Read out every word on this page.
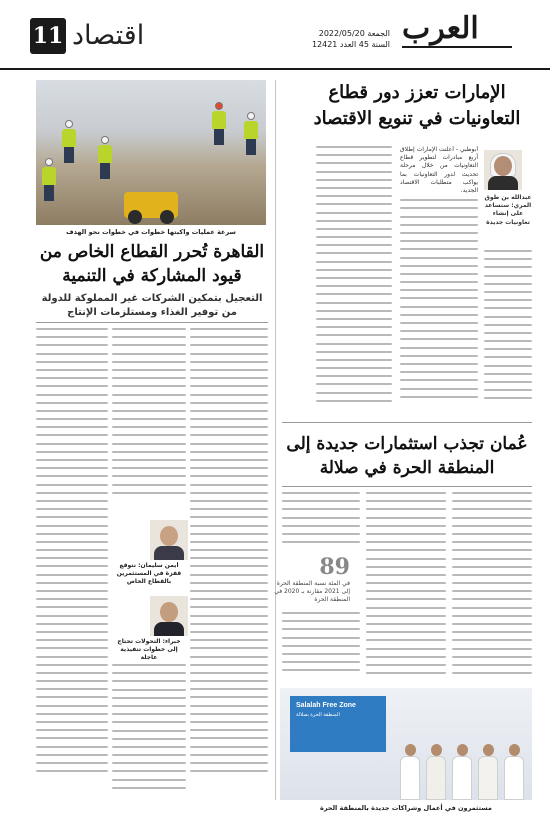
العرب
الجمعة 2022/05/20
السنة 45 العدد 12421
اقتصاد
11
الإمارات تعزز دور قطاع التعاونيات في تنويع الاقتصاد
عبدالله بن طوق المري: سنساعد على إنشاء تعاونيات جديدة
أبوظبي - أعلنت الإمارات إطلاق أربع مبادرات لتطوير قطاع التعاونيات من خلال مرحلة تحديث لدور التعاونيات بما يواكب متطلبات الاقتصاد الجديد.
سرعة عمليات واكبتها خطوات في خطوات نحو الهدف
القاهرة تُحرر القطاع الخاص من قيود المشاركة في التنمية
التعجيل بتمكين الشركات غير المملوكة للدولة من توفير الغذاء ومستلزمات الإنتاج
أيمن سليمان: نتوقع قفزة في المستثمرين بالقطاع الخاص
خبراء: التحولات تحتاج إلى خطوات تنفيذية عاجلة
عُمان تجذب استثمارات جديدة إلى المنطقة الحرة في صلالة
89
في المئة نسبة المنطقة الحرة إلى 2021 مقارنة بـ 2020 في المنطقة الحرة
Salalah Free Zone
المنطقة الحرة بصلالة
مستثمرون في أعمال وشراكات جديدة بالمنطقة الحرة
